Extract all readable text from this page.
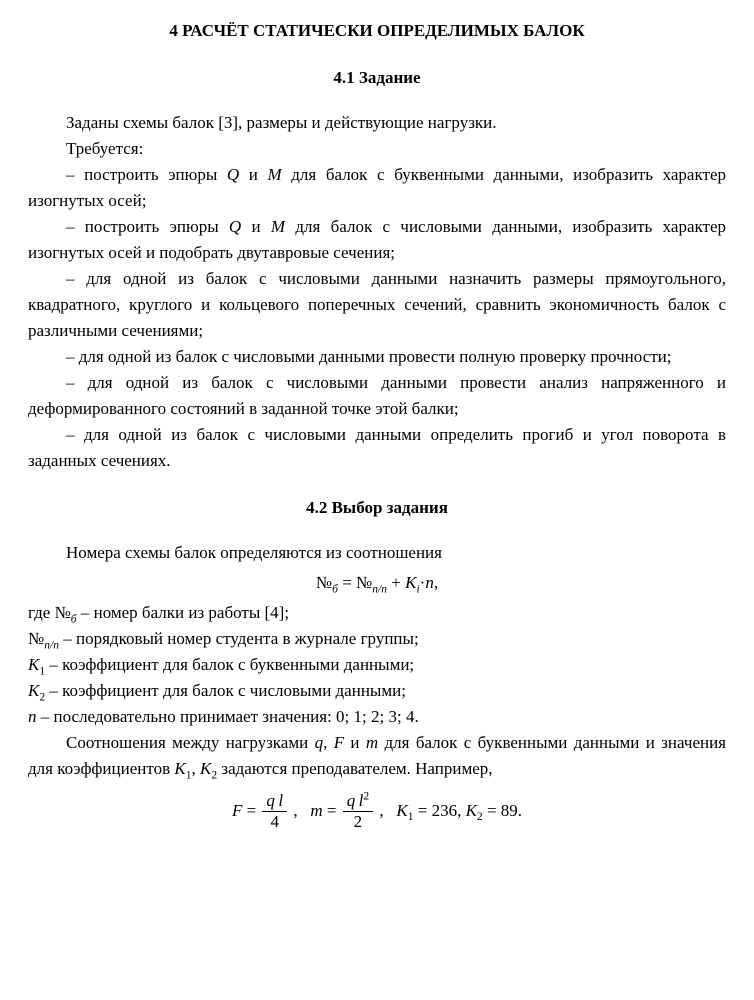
4 РАСЧЁТ СТАТИЧЕСКИ ОПРЕДЕЛИМЫХ БАЛОК
4.1 Задание

Заданы схемы балок [3], размеры и действующие нагрузки.

Требуется:

– построить эпюры Q и M для балок с буквенными данными, изобразить характер изогнутых осей;

– построить эпюры Q и M для балок с числовыми данными, изобразить характер изогнутых осей и подобрать двутавровые сечения;

– для одной из балок с числовыми данными назначить размеры прямоугольного, квадратного, круглого и кольцевого поперечных сечений, сравнить экономичность балок с различными сечениями;

– для одной из балок с числовыми данными провести полную проверку прочности;

– для одной из балок с числовыми данными провести анализ напряженного и деформированного состояний в заданной точке этой балки;

– для одной из балок с числовыми данными определить прогиб и угол поворота в заданных сечениях.

4.2 Выбор задания

Номера схемы балок определяются из соотношения

$№_б$ = $№_{п/п} + K_i\cdot n$,

где $№_б$ – номер балки из работы [4];

$№_{п/п}$ – порядковый номер студента в журнале группы;

$K_1$ – коэффициент для балок с буквенными данными;

$K_2$ – коэффициент для балок с числовыми данными;

n – последовательно принимает значения: 0; 1; 2; 3; 4.

Соотношения между нагрузками q, F и m для балок с буквенными данными и значения для коэффициентов $K_1$, $K_2$ задаются преподавателем. Например,

$F = \frac{\text{q l}}{4}$ ,   $m = \frac{q l^2}{2}$ ,   $K_1 = 236$, $K_2 = 89$.
